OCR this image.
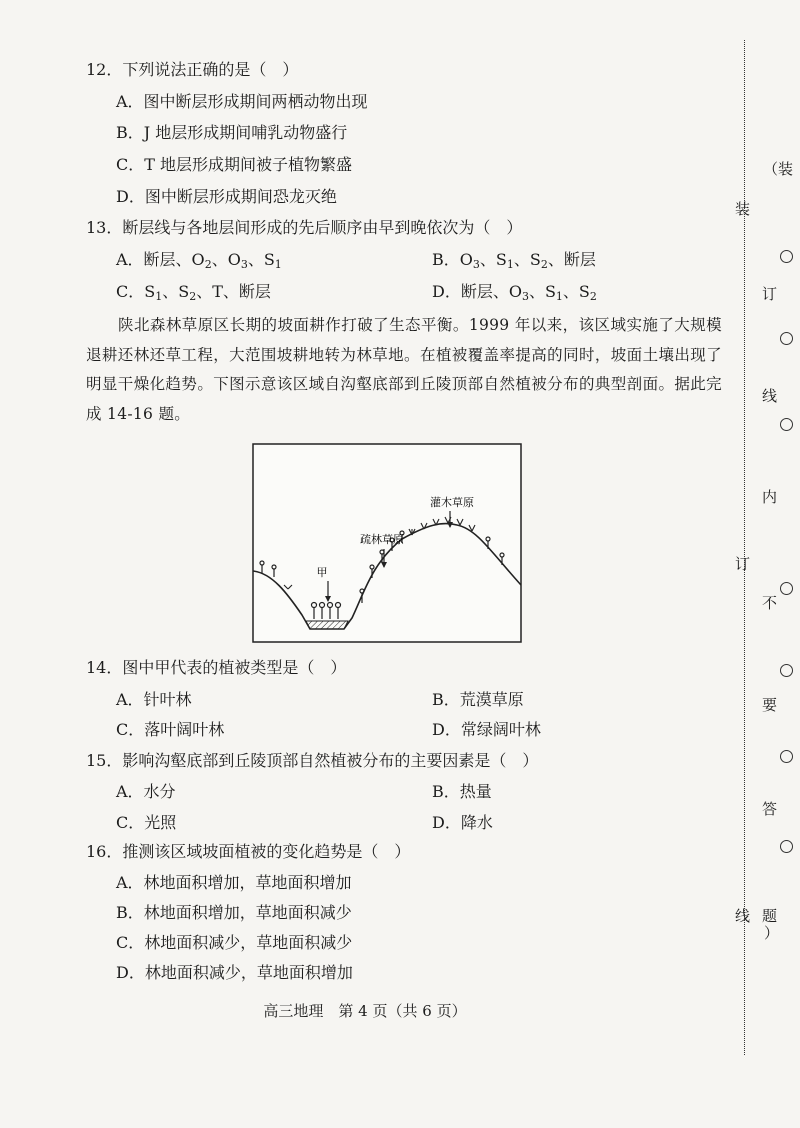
12．下列说法正确的是（　）
A．图中断层形成期间两栖动物出现
B．J 地层形成期间哺乳动物盛行
C．T 地层形成期间被子植物繁盛
D．图中断层形成期间恐龙灭绝
13．断层线与各地层间形成的先后顺序由早到晚依次为（　）
A．断层、$O_2$、$O_3$、$S_1$	B．$O_3$、$S_1$、$S_2$、断层
C．$S_1$、$S_2$、T、断层	D．断层、$O_3$、$S_1$、$S_2$
陕北森林草原区长期的坡面耕作打破了生态平衡。1999 年以来，该区域实施了大规模退耕还林还草工程，大范围坡耕地转为林草地。在植被覆盖率提高的同时，坡面土壤出现了明显干燥化趋势。下图示意该区域自沟壑底部到丘陵顶部自然植被分布的典型剖面。据此完成 14-16 题。
甲
疏林草原
灌木草原
14．图中甲代表的植被类型是（　）
A．针叶林	B．荒漠草原
C．落叶阔叶林	D．常绿阔叶林
15．影响沟壑底部到丘陵顶部自然植被分布的主要因素是（　）
A．水分	B．热量
C．光照	D．降水
16．推测该区域坡面植被的变化趋势是（　）
A．林地面积增加，草地面积增加
B．林地面积增加，草地面积减少
C．林地面积减少，草地面积减少
D．林地面积减少，草地面积增加
高三地理　第 4 页（共 6 页）
（装
装
订
线
内
订
不
要
答
题
线
）
